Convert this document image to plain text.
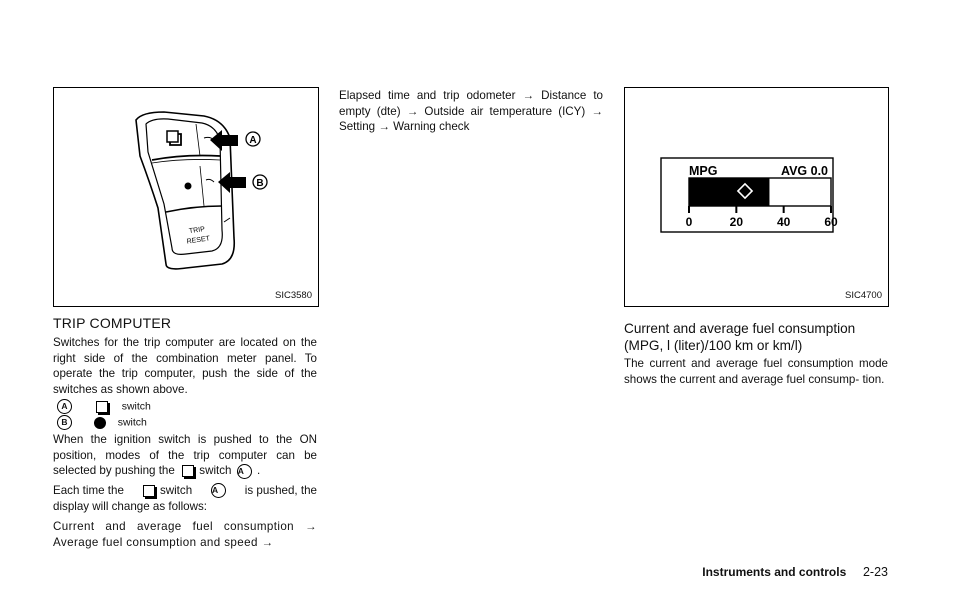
TRIP
RESET
A
B
SIC3580
TRIP COMPUTER
Switches for the trip computer are located on the right side of the combination meter panel. To operate the trip computer, push the side of the switches as shown above.
A	switch
B	switch
When the ignition switch is pushed to the ON position, modes of the trip computer can be selected by pushing the switch A .
Each time the	switch A	is pushed, the
display will change as follows:
Current and average fuel consumption → Average fuel consumption and speed →
Elapsed time and trip odometer → Distance to empty (dte) → Outside air temperature (ICY) → Setting → Warning check
MPG	AVG 0.0
0	20	40	60
SIC4700
Current and average fuel consumption (MPG, l (liter)/100 km or km/l)
The current and average fuel consumption mode shows the current and average fuel consump- tion.
Instruments and controls 2-23
